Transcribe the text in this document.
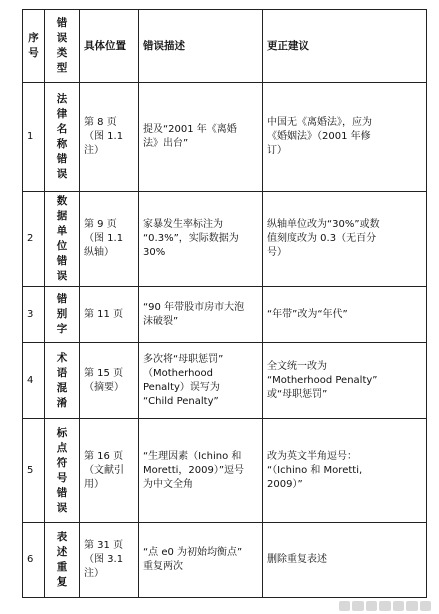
序号	错误类型	具体位置	错误描述	更正建议
1	法律名称错误	第 8 页
（图 1.1
注）	提及“2001 年《离婚
法》出台”	中国无《离婚法》，应为
《婚姻法》（2001 年修
订）
2	数据单位错误	第 9 页
（图 1.1
纵轴）	家暴发生率标注为
“0.3%”，实际数据为
30%	纵轴单位改为“30%”或数
值刻度改为 0.3（无百分
号）
3	错别字	第 11 页	“90 年带股市房市大泡
沫破裂”	“年带”改为“年代”
4	术语混淆	第 15 页
（摘要）	多次将“母职惩罚”
（Motherhood
Penalty）误写为
“Child Penalty”	全文统一改为
“Motherhood Penalty”
或“母职惩罚”
5	标点符号错误	第 16 页
（文献引
用）	“生理因素（Ichino 和
Moretti，2009）”逗号
为中文全角	改为英文半角逗号：
“（Ichino 和 Moretti,
2009）”
6	表述重复	第 31 页
（图 3.1
注）	“点 e0 为初始均衡点”
重复两次	删除重复表述
